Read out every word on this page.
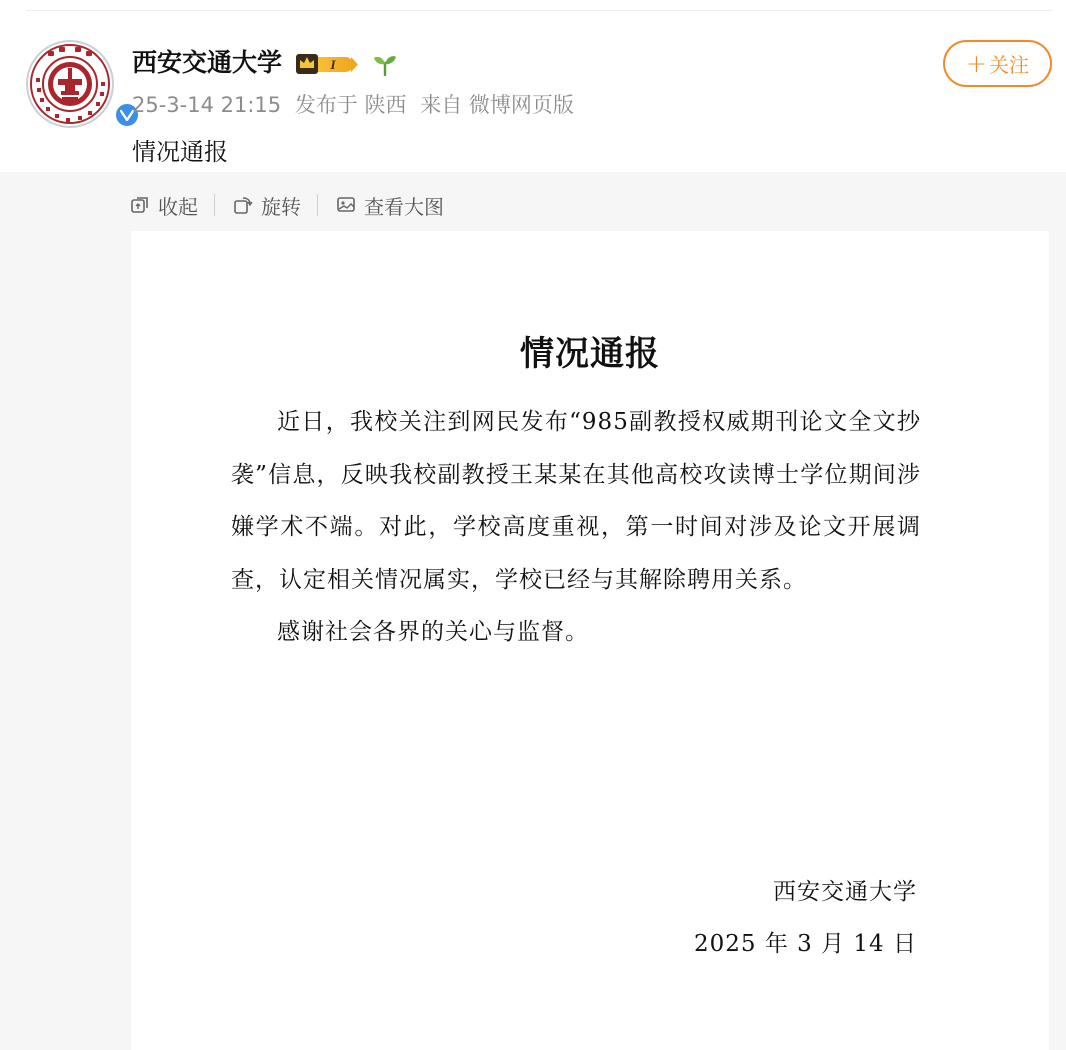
西安交通大学	I
25-3-14 21:15 发布于 陕西 来自 微博网页版
+ 关注
情况通报
收起	旋转	查看大图
情况通报

近日，我校关注到网民发布“985副教授权威期刊论文全文抄袭”信息，反映我校副教授王某某在其他高校攻读博士学位期间涉嫌学术不端。对此，学校高度重视，第一时间对涉及论文开展调查，认定相关情况属实，学校已经与其解除聘用关系。

感谢社会各界的关心与监督。

西安交通大学
2025 年 3 月 14 日
